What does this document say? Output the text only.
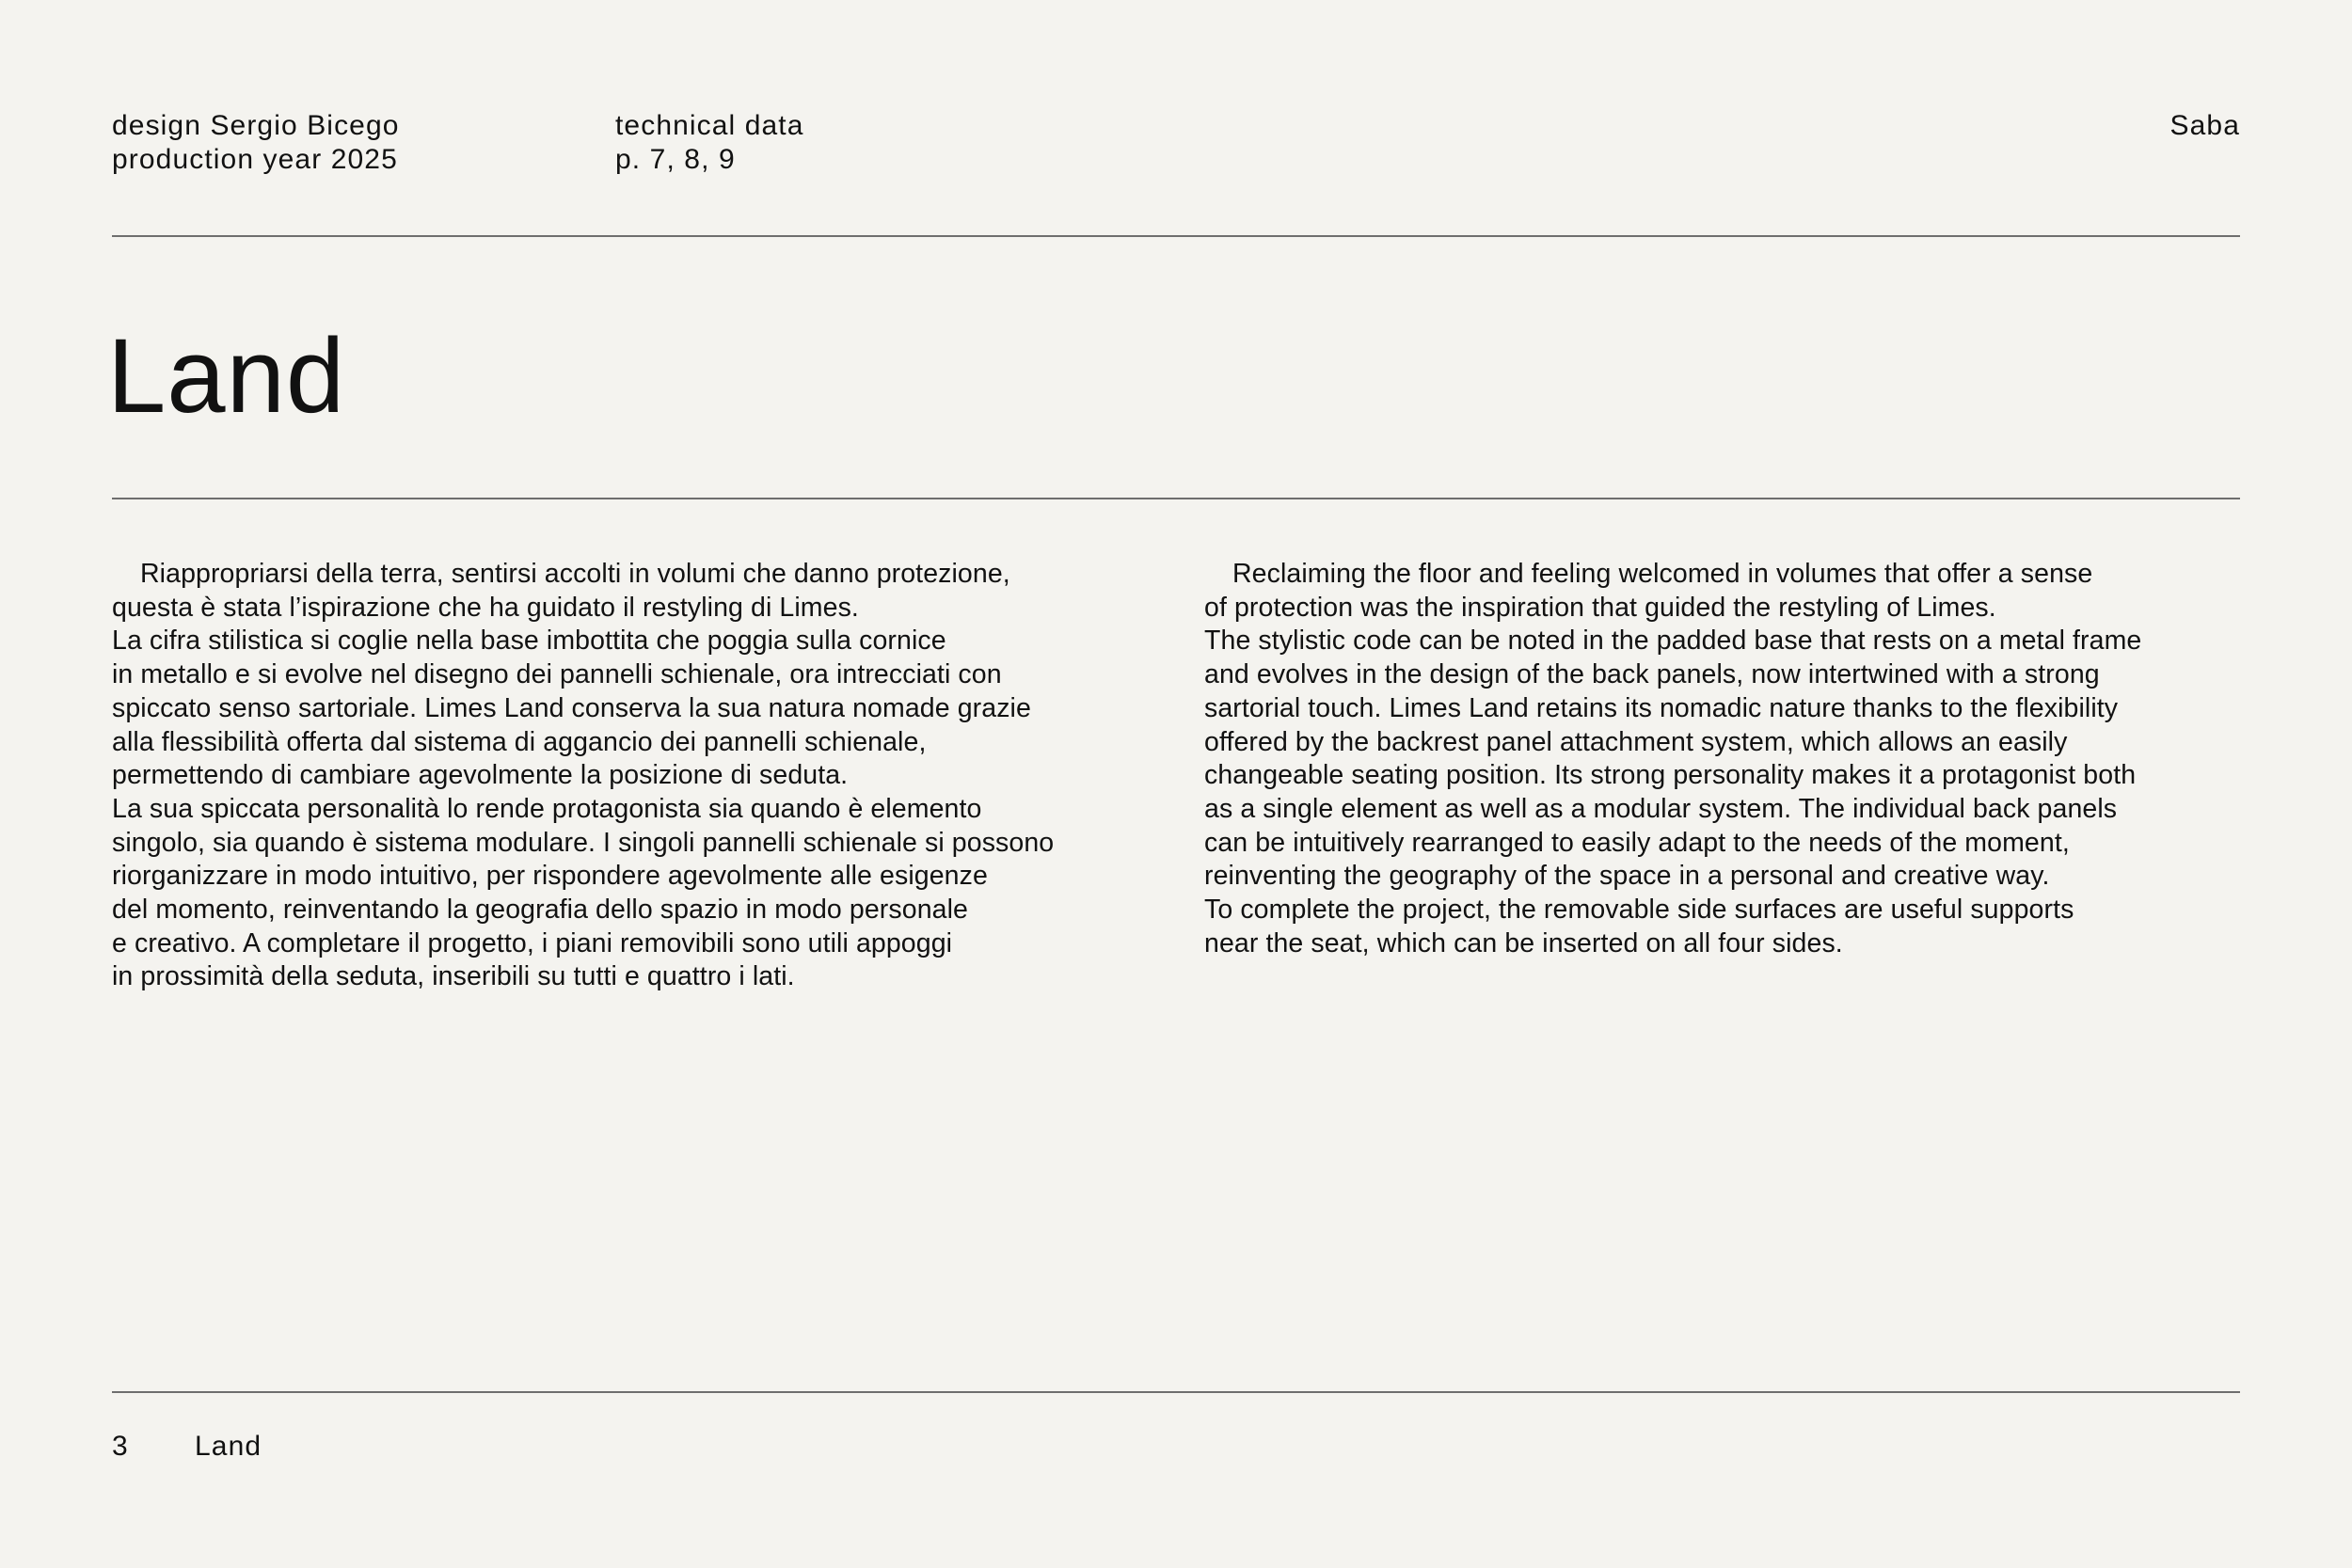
design Sergio Bicego
production year 2025
technical data
p. 7, 8, 9
Saba
Land
Riappropriarsi della terra, sentirsi accolti in volumi che danno protezione,
questa è stata l’ispirazione che ha guidato il restyling di Limes.
La cifra stilistica si coglie nella base imbottita che poggia sulla cornice
in metallo e si evolve nel disegno dei pannelli schienale, ora intrecciati con
spiccato senso sartoriale. Limes Land conserva la sua natura nomade grazie
alla flessibilità offerta dal sistema di aggancio dei pannelli schienale,
permettendo di cambiare agevolmente la posizione di seduta.
La sua spiccata personalità lo rende protagonista sia quando è elemento
singolo, sia quando è sistema modulare. I singoli pannelli schienale si possono
riorganizzare in modo intuitivo, per rispondere agevolmente alle esigenze
del momento, reinventando la geografia dello spazio in modo personale
e creativo. A completare il progetto, i piani removibili sono utili appoggi
in prossimità della seduta, inseribili su tutti e quattro i lati.
Reclaiming the floor and feeling welcomed in volumes that offer a sense
of protection was the inspiration that guided the restyling of Limes.
The stylistic code can be noted in the padded base that rests on a metal frame
and evolves in the design of the back panels, now intertwined with a strong
sartorial touch. Limes Land retains its nomadic nature thanks to the flexibility
offered by the backrest panel attachment system, which allows an easily
changeable seating position. Its strong personality makes it a protagonist both
as a single element as well as a modular system. The individual back panels
can be intuitively rearranged to easily adapt to the needs of the moment,
reinventing the geography of the space in a personal and creative way.
To complete the project, the removable side surfaces are useful supports
near the seat, which can be inserted on all four sides.
3 Land
